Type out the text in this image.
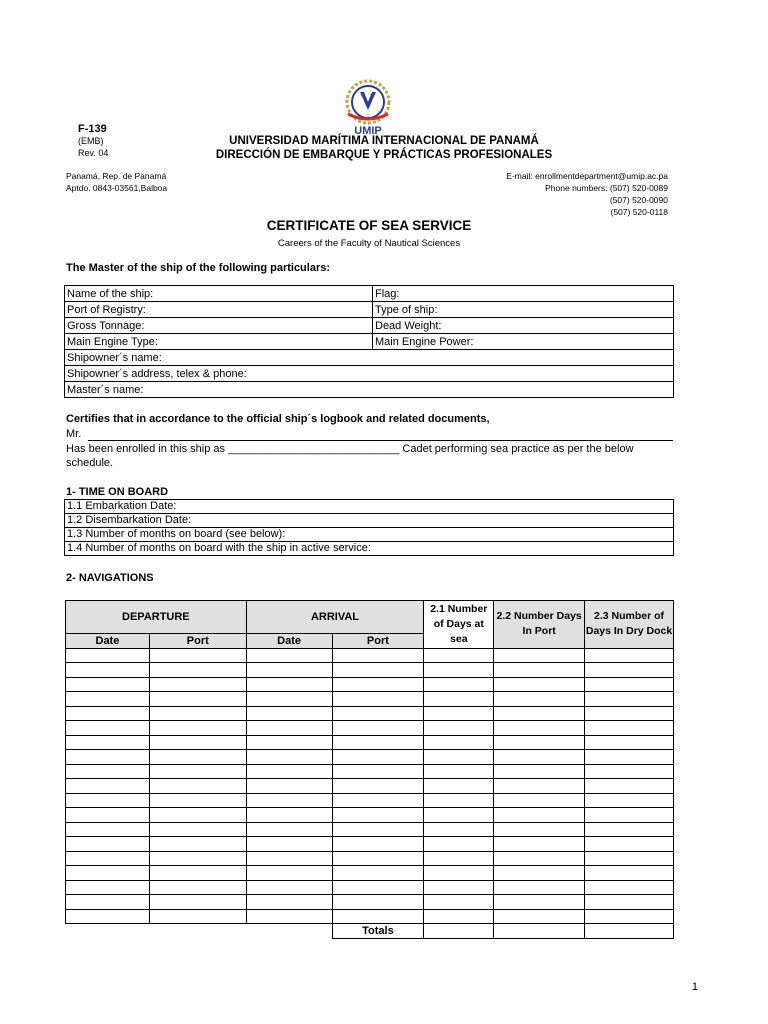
UMIP
F-139
(EMB)
Rev. 04
UNIVERSIDAD MARÍTIMA INTERNACIONAL DE PANAMÁ
DIRECCIÓN DE EMBARQUE Y PRÁCTICAS PROFESIONALES
Panamá, Rep. de Panamá
Aptdo. 0843-03561,Balboa
E-mail: enrollmentdepartment@umip.ac.pa
Phone numbers: (507) 520-0089
(507) 520-0090
(507) 520-0118
CERTIFICATE OF SEA SERVICE
Careers of the Faculty of Nautical Sciences
The Master of the ship of the following particulars:
Name of the ship:	Flag:
Port of Registry:	Type of ship:
Gross Tonnage:	Dead Weight:
Main Engine Type:	Main Engine Power:
Shipowner´s name:	
Shipowner´s address, telex & phone:	
Master´s name:	
Certifies that in accordance to the official ship´s logbook and related documents,
Mr.
Has been enrolled in this ship as ____________________________ Cadet performing sea practice as per the below
schedule.
1- TIME ON BOARD
1.1 Embarkation Date:
1.2 Disembarkation Date:
1.3 Number of months on board (see below):
1.4 Number of months on board with the ship in active service:
2- NAVIGATIONS
DEPARTURE		ARRIVAL		2.1 Number of Days at sea	2.2 Number Days In Port	2.3 Number of Days In Dry Dock
Date	Port	Date	Port			

			Totals			
1
